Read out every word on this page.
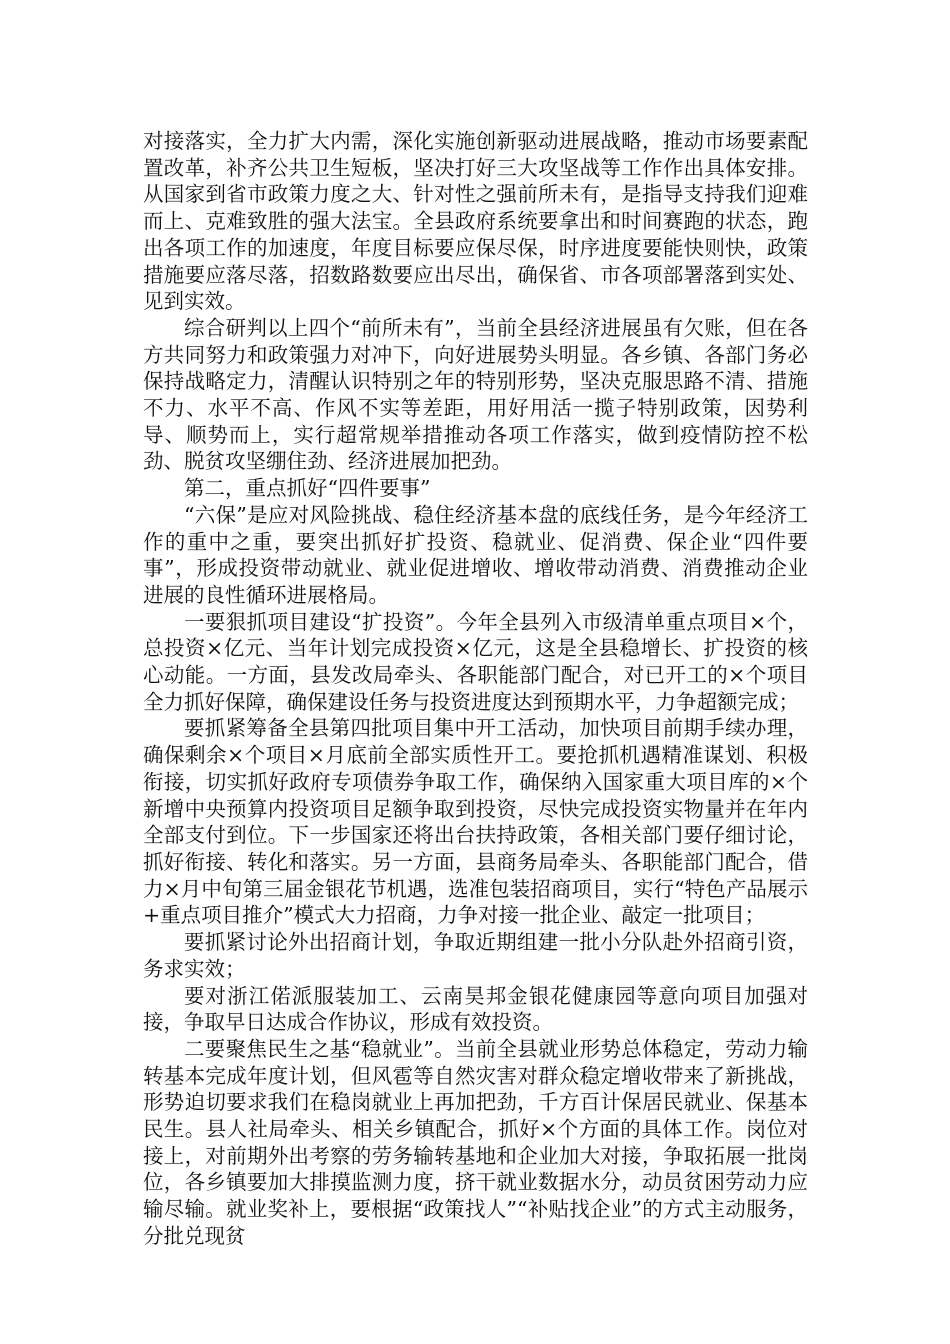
对接落实，全力扩大内需，深化实施创新驱动进展战略，推动市场要素配置改革，补齐公共卫生短板，坚决打好三大攻坚战等工作作出具体安排。从国家到省市政策力度之大、针对性之强前所未有，是指导支持我们迎难而上、克难致胜的强大法宝。全县政府系统要拿出和时间赛跑的状态，跑出各项工作的加速度，年度目标要应保尽保，时序进度要能快则快，政策措施要应落尽落，招数路数要应出尽出，确保省、市各项部署落到实处、见到实效。

综合研判以上四个“前所未有”，当前全县经济进展虽有欠账，但在各方共同努力和政策强力对冲下，向好进展势头明显。各乡镇、各部门务必保持战略定力，清醒认识特别之年的特别形势，坚决克服思路不清、措施不力、水平不高、作风不实等差距，用好用活一揽子特别政策，因势利导、顺势而上，实行超常规举措推动各项工作落实，做到疫情防控不松劲、脱贫攻坚绷住劲、经济进展加把劲。

第二，重点抓好“四件要事”

“六保”是应对风险挑战、稳住经济基本盘的底线任务，是今年经济工作的重中之重，要突出抓好扩投资、稳就业、促消费、保企业“四件要事”，形成投资带动就业、就业促进增收、增收带动消费、消费推动企业进展的良性循环进展格局。

一要狠抓项目建设“扩投资”。今年全县列入市级清单重点项目×个，总投资×亿元、当年计划完成投资×亿元，这是全县稳增长、扩投资的核心动能。一方面，县发改局牵头、各职能部门配合，对已开工的×个项目全力抓好保障，确保建设任务与投资进度达到预期水平，力争超额完成；

要抓紧筹备全县第四批项目集中开工活动，加快项目前期手续办理，确保剩余×个项目×月底前全部实质性开工。要抢抓机遇精准谋划、积极衔接，切实抓好政府专项债券争取工作，确保纳入国家重大项目库的×个新增中央预算内投资项目足额争取到投资，尽快完成投资实物量并在年内全部支付到位。下一步国家还将出台扶持政策，各相关部门要仔细讨论，抓好衔接、转化和落实。另一方面，县商务局牵头、各职能部门配合，借力×月中旬第三届金银花节机遇，选准包装招商项目，实行“特色产品展示+重点项目推介”模式大力招商，力争对接一批企业、敲定一批项目；

要抓紧讨论外出招商计划，争取近期组建一批小分队赴外招商引资，务求实效；

要对浙江偌派服装加工、云南昊邦金银花健康园等意向项目加强对接，争取早日达成合作协议，形成有效投资。

二要聚焦民生之基“稳就业”。当前全县就业形势总体稳定，劳动力输转基本完成年度计划，但风雹等自然灾害对群众稳定增收带来了新挑战，形势迫切要求我们在稳岗就业上再加把劲，千方百计保居民就业、保基本民生。县人社局牵头、相关乡镇配合，抓好×个方面的具体工作。岗位对接上，对前期外出考察的劳务输转基地和企业加大对接，争取拓展一批岗位，各乡镇要加大排摸监测力度，挤干就业数据水分，动员贫困劳动力应输尽输。就业奖补上，要根据“政策找人”“补贴找企业”的方式主动服务，分批兑现贫
